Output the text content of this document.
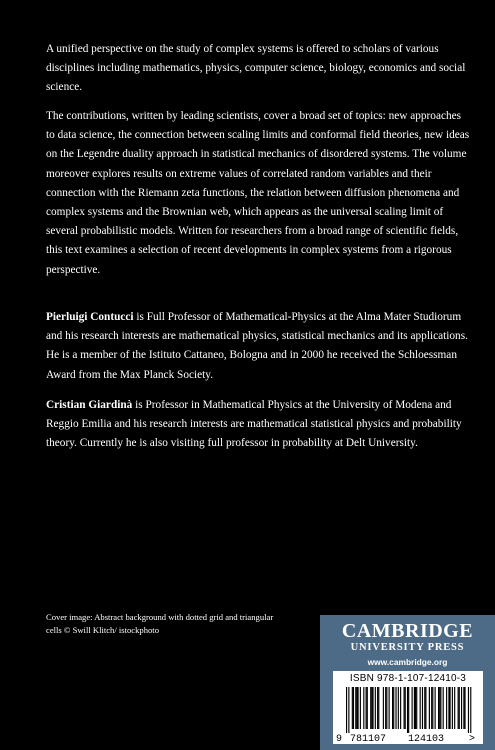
A unified perspective on the study of complex systems is offered to scholars of various disciplines including mathematics, physics, computer science, biology, economics and social science.

The contributions, written by leading scientists, cover a broad set of topics: new approaches to data science, the connection between scaling limits and conformal field theories, new ideas on the Legendre duality approach in statistical mechanics of disordered systems. The volume moreover explores results on extreme values of correlated random variables and their connection with the Riemann zeta functions, the relation between diffusion phenomena and complex systems and the Brownian web, which appears as the universal scaling limit of several probabilistic models. Written for researchers from a broad range of scientific fields, this text examines a selection of recent developments in complex systems from a rigorous perspective.

Pierluigi Contucci is Full Professor of Mathematical-Physics at the Alma Mater Studiorum and his research interests are mathematical physics, statistical mechanics and its applications. He is a member of the Istituto Cattaneo, Bologna and in 2000 he received the Schloessman Award from the Max Planck Society.

Cristian Giardinà is Professor in Mathematical Physics at the University of Modena and Reggio Emilia and his research interests are mathematical statistical physics and probability theory. Currently he is also visiting full professor in probability at Delt University.

Cover image: Abstract background with dotted grid and triangular cells © Swill Klitch/ istockphoto	CAMBRIDGE
UNIVERSITY PRESS
www.cambridge.org
ISBN 978-1-107-12410-3
9 781107 124103 >
